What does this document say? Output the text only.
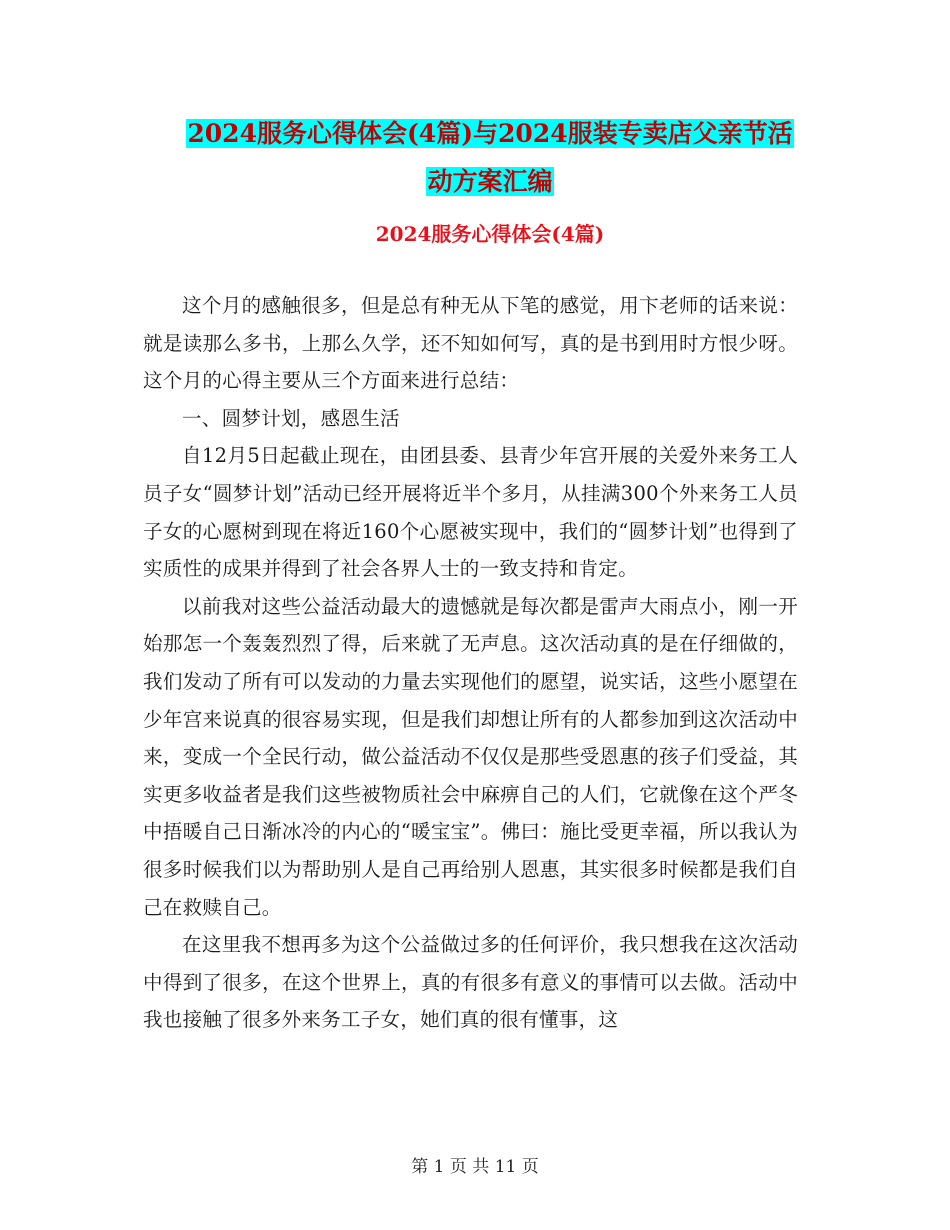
2024服务心得体会(4篇)与2024服装专卖店父亲节活
动方案汇编
2024服务心得体会(4篇)

这个月的感触很多，但是总有种无从下笔的感觉，用卞老师的话来说：就是读那么多书，上那么久学，还不知如何写，真的是书到用时方恨少呀。这个月的心得主要从三个方面来进行总结：

一、圆梦计划，感恩生活

自12月5日起截止现在，由团县委、县青少年宫开展的关爱外来务工人员子女“圆梦计划”活动已经开展将近半个多月，从挂满300个外来务工人员子女的心愿树到现在将近160个心愿被实现中，我们的“圆梦计划”也得到了实质性的成果并得到了社会各界人士的一致支持和肯定。

以前我对这些公益活动最大的遗憾就是每次都是雷声大雨点小，刚一开始那怎一个轰轰烈烈了得，后来就了无声息。这次活动真的是在仔细做的，我们发动了所有可以发动的力量去实现他们的愿望，说实话，这些小愿望在少年宫来说真的很容易实现，但是我们却想让所有的人都参加到这次活动中来，变成一个全民行动，做公益活动不仅仅是那些受恩惠的孩子们受益，其实更多收益者是我们这些被物质社会中麻痹自己的人们，它就像在这个严冬中捂暖自己日渐冰冷的内心的“暖宝宝”。佛曰：施比受更幸福，所以我认为很多时候我们以为帮助别人是自己再给别人恩惠，其实很多时候都是我们自己在救赎自己。

在这里我不想再多为这个公益做过多的任何评价，我只想我在这次活动中得到了很多，在这个世界上，真的有很多有意义的事情可以去做。活动中我也接触了很多外来务工子女，她们真的很有懂事，这

第 1 页 共 11 页
